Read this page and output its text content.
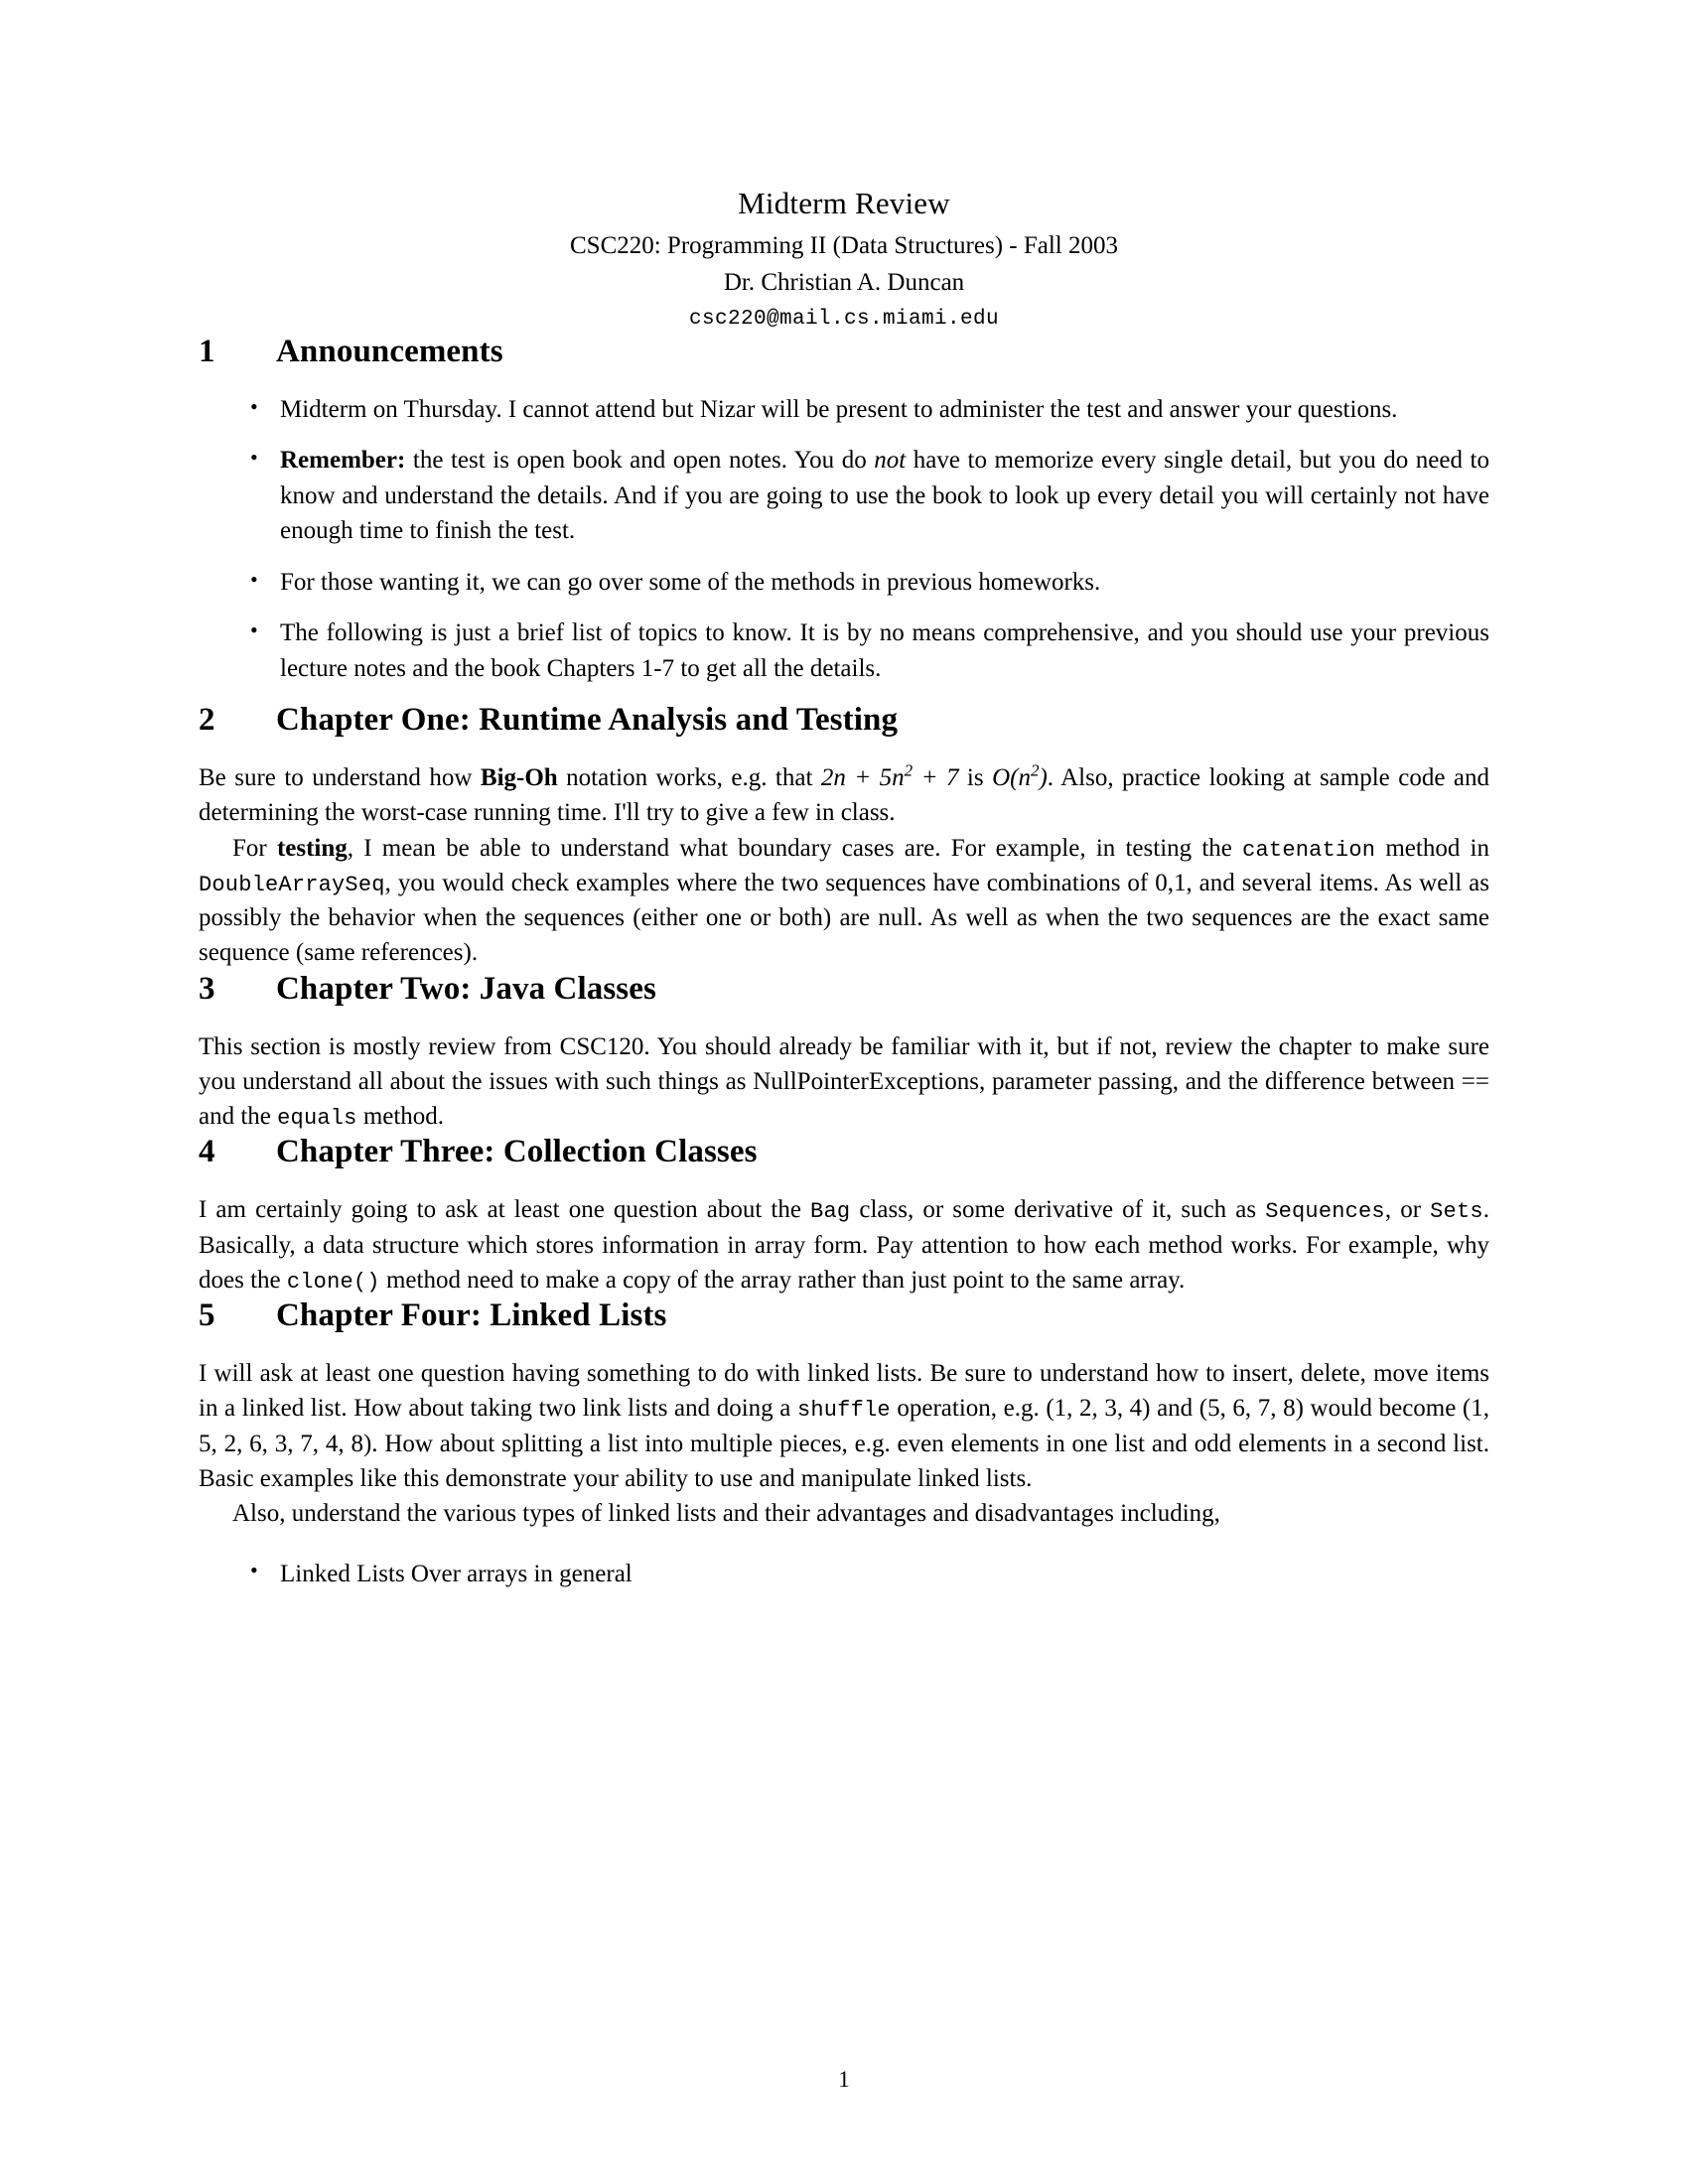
Midterm Review
CSC220: Programming II (Data Structures) - Fall 2003
Dr. Christian A. Duncan
csc220@mail.cs.miami.edu
1	Announcements
• Midterm on Thursday. I cannot attend but Nizar will be present to administer the test and answer your questions.
• Remember: the test is open book and open notes. You do not have to memorize every single detail, but you do need to know and understand the details. And if you are going to use the book to look up every detail you will certainly not have enough time to finish the test.
• For those wanting it, we can go over some of the methods in previous homeworks.
• The following is just a brief list of topics to know. It is by no means comprehensive, and you should use your previous lecture notes and the book Chapters 1-7 to get all the details.
2	Chapter One: Runtime Analysis and Testing

Be sure to understand how Big-Oh notation works, e.g. that $2n + 5n^2 + 7$ is $O(n^2)$. Also, practice looking at sample code and determining the worst-case running time. I'll try to give a few in class.

For testing, I mean be able to understand what boundary cases are. For example, in testing the catenation method in DoubleArraySeq, you would check examples where the two sequences have combinations of 0,1, and several items. As well as possibly the behavior when the sequences (either one or both) are null. As well as when the two sequences are the exact same sequence (same references).

3	Chapter Two: Java Classes

This section is mostly review from CSC120. You should already be familiar with it, but if not, review the chapter to make sure you understand all about the issues with such things as NullPointerExceptions, parameter passing, and the difference between == and the equals method.

4	Chapter Three: Collection Classes

I am certainly going to ask at least one question about the Bag class, or some derivative of it, such as Sequences, or Sets. Basically, a data structure which stores information in array form. Pay attention to how each method works. For example, why does the clone() method need to make a copy of the array rather than just point to the same array.

5	Chapter Four: Linked Lists

I will ask at least one question having something to do with linked lists. Be sure to understand how to insert, delete, move items in a linked list. How about taking two link lists and doing a shuffle operation, e.g. (1, 2, 3, 4) and (5, 6, 7, 8) would become (1, 5, 2, 6, 3, 7, 4, 8). How about splitting a list into multiple pieces, e.g. even elements in one list and odd elements in a second list. Basic examples like this demonstrate your ability to use and manipulate linked lists.

Also, understand the various types of linked lists and their advantages and disadvantages including,

• Linked Lists Over arrays in general
1
